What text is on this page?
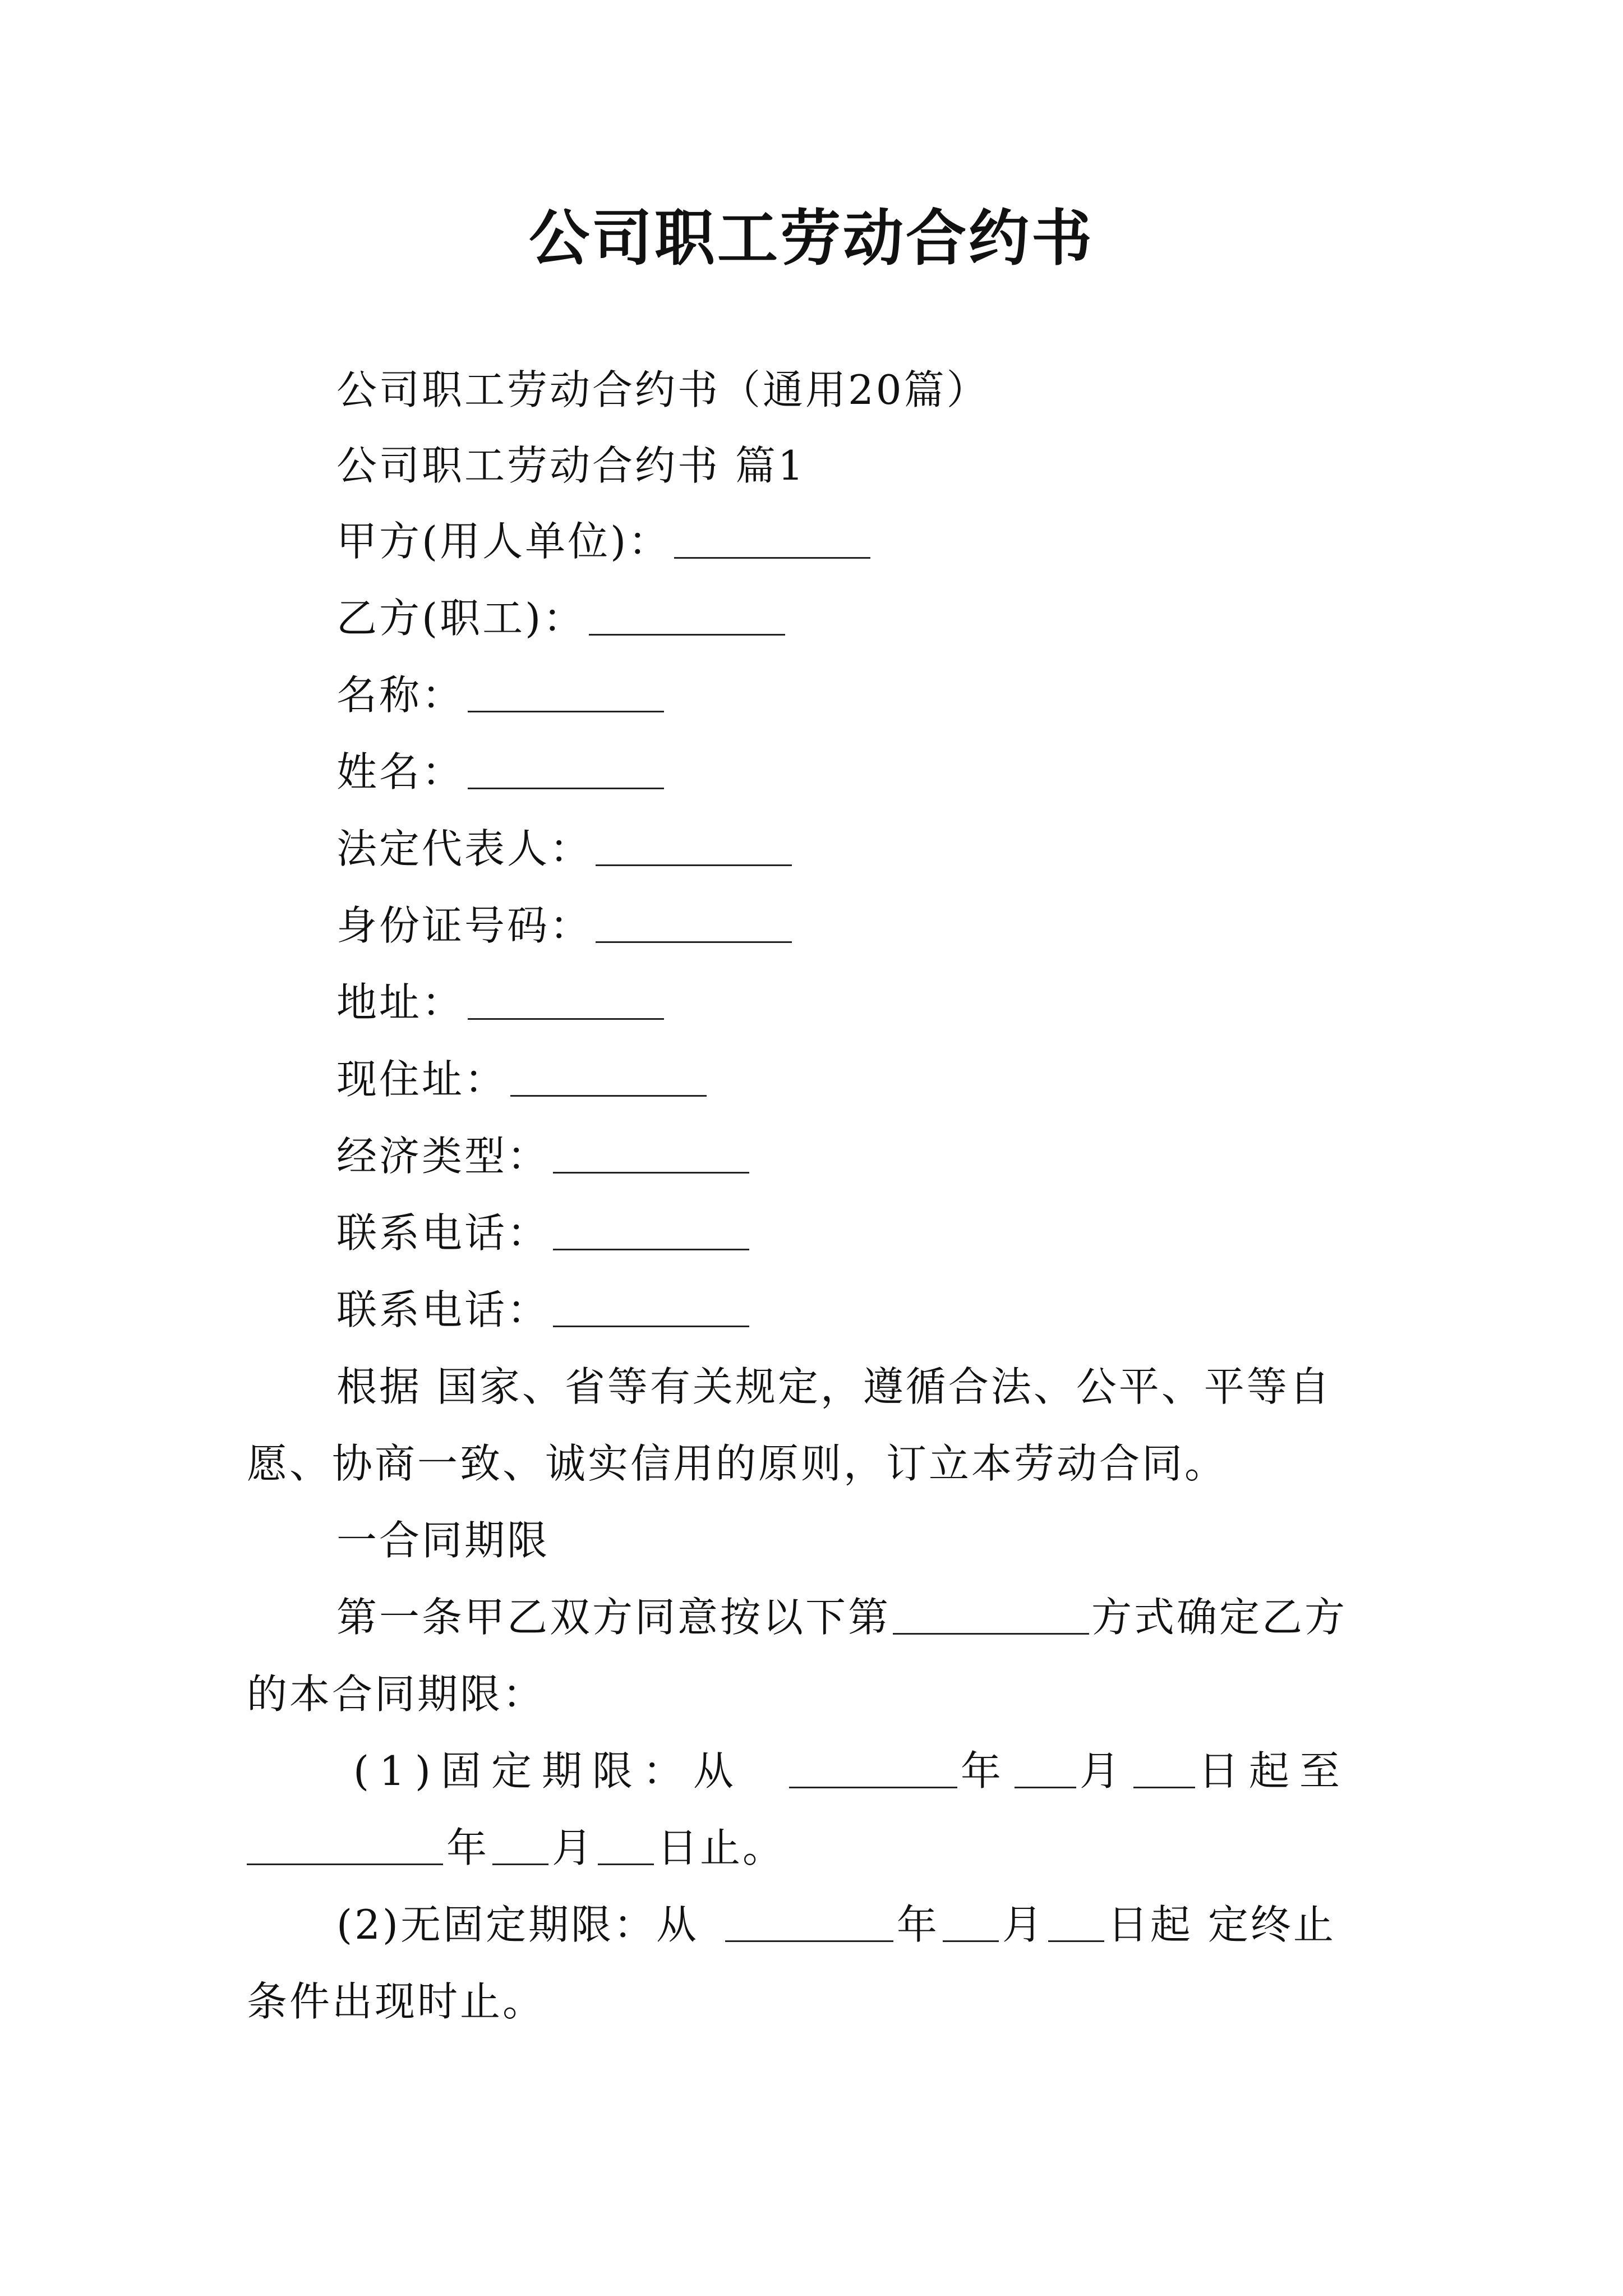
公司职工劳动合约书

公司职工劳动合约书（通用20篇）

公司职工劳动合约书 篇1

甲方(用人单位)：

乙方(职工)：

名称：

姓名：

法定代表人：

身份证号码：

地址：

现住址：

经济类型：

联系电话：

联系电话：

根据 国家、省等有关规定，遵循合法、公平、平等自

愿、协商一致、诚实信用的原则，订立本劳动合同。

一合同期限

第一条甲乙双方同意按以下第	方式确定乙方

的本合同期限：

(1)固定期限：从	年 月 日起至

年 月 日止。

(2)无固定期限：从	年 月 日起 定终止

条件出现时止。
